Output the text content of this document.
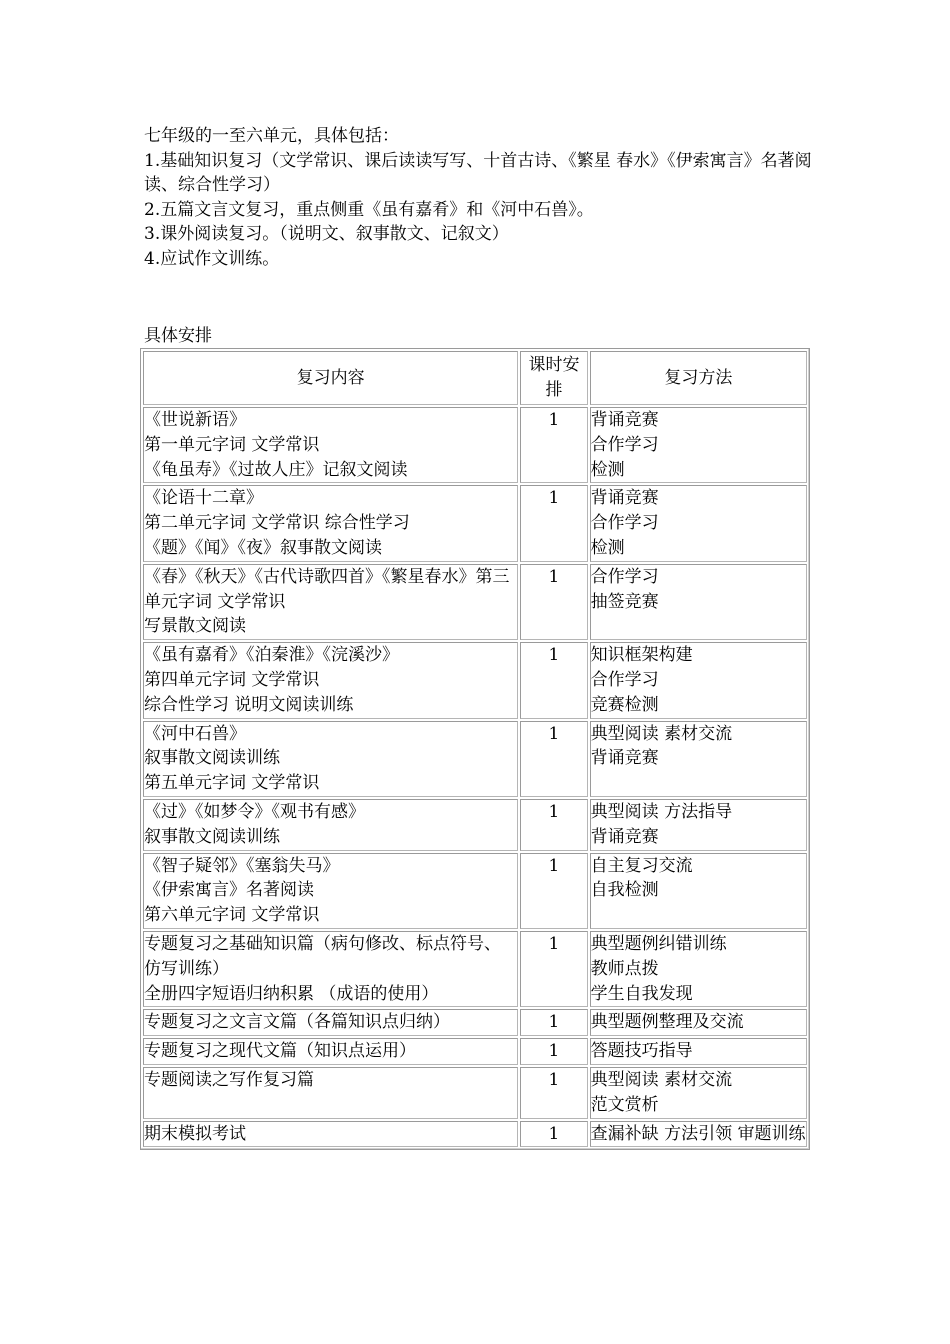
七年级的一至六单元，具体包括：

1.基础知识复习（文学常识、课后读读写写、十首古诗、《繁星 春水》《伊索寓言》名著阅读、综合性学习）

2.五篇文言文复习，重点侧重《虽有嘉肴》和《河中石兽》。

3.课外阅读复习。（说明文、叙事散文、记叙文）

4.应试作文训练。

具体安排
复习内容	课时安排	复习方法

《世说新语》
第一单元字词 文学常识
《龟虽寿》《过故人庄》记叙文阅读	1	背诵竞赛
合作学习
检测

《论语十二章》
第二单元字词 文学常识 综合性学习
《题》《闻》《夜》叙事散文阅读	1	背诵竞赛
合作学习
检测

《春》《秋天》《古代诗歌四首》《繁星春水》第三单元字词 文学常识
写景散文阅读	1	合作学习
抽签竞赛

《虽有嘉肴》《泊秦淮》《浣溪沙》
第四单元字词 文学常识
综合性学习 说明文阅读训练	1	知识框架构建
合作学习
竞赛检测

《河中石兽》
叙事散文阅读训练
第五单元字词 文学常识	1	典型阅读 素材交流
背诵竞赛

《过》《如梦令》《观书有感》
叙事散文阅读训练	1	典型阅读 方法指导
背诵竞赛

《智子疑邻》《塞翁失马》
《伊索寓言》名著阅读
第六单元字词 文学常识	1	自主复习交流
自我检测

专题复习之基础知识篇（病句修改、标点符号、仿写训练）
全册四字短语归纳积累 （成语的使用）	1	典型题例纠错训练
教师点拨
学生自我发现

专题复习之文言文篇（各篇知识点归纳）	1	典型题例整理及交流

专题复习之现代文篇（知识点运用）	1	答题技巧指导

专题阅读之写作复习篇	1	典型阅读 素材交流
范文赏析

期末模拟考试	1	查漏补缺 方法引领 审题训练
